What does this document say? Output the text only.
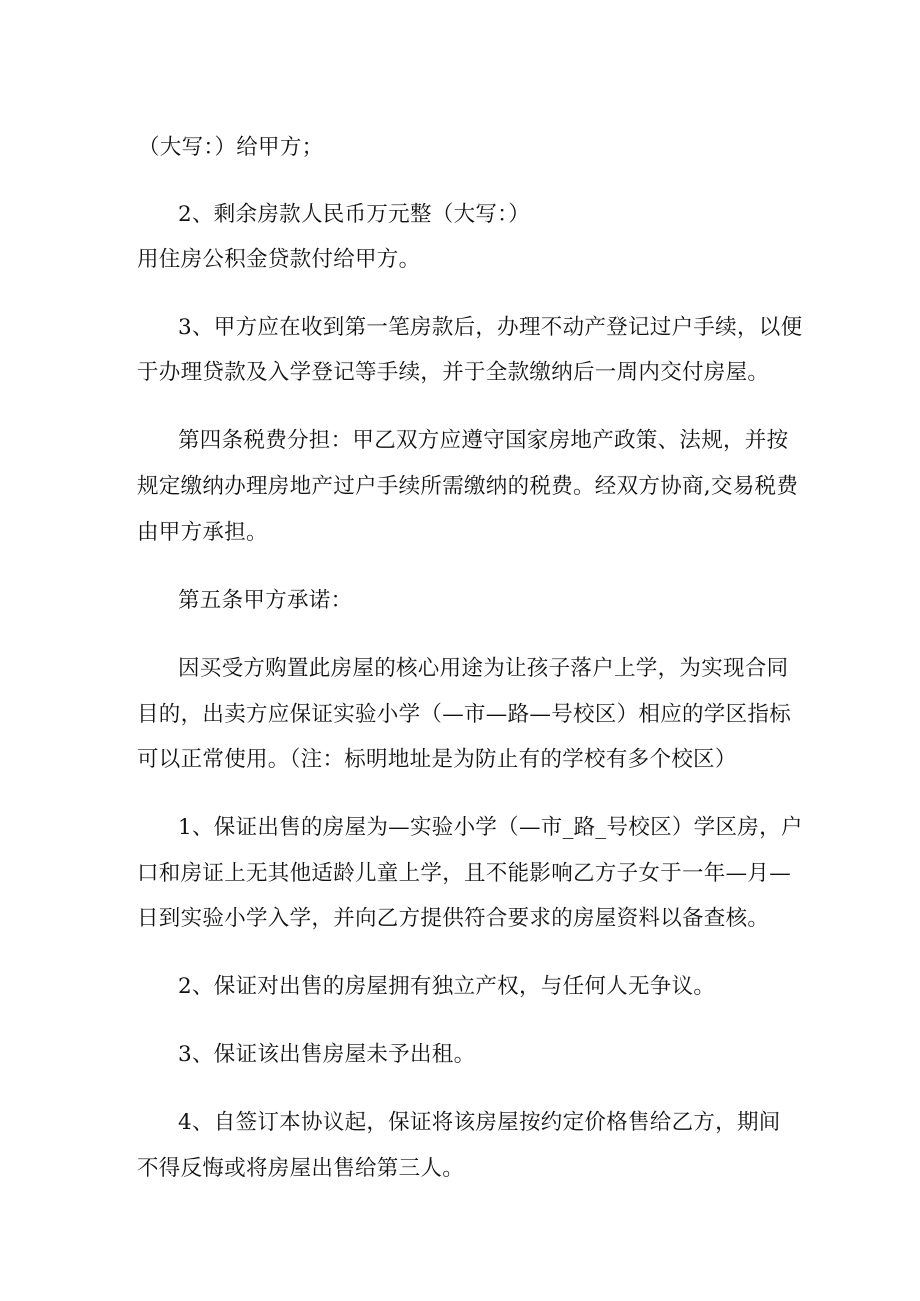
（大写：）给甲方；
2、剩余房款人民币万元整（大写：）
用住房公积金贷款付给甲方。
3、甲方应在收到第一笔房款后，办理不动产登记过户手续，以便
于办理贷款及入学登记等手续，并于全款缴纳后一周内交付房屋。
第四条税费分担：甲乙双方应遵守国家房地产政策、法规，并按
规定缴纳办理房地产过户手续所需缴纳的税费。经双方协商,交易税费
由甲方承担。
第五条甲方承诺：
因买受方购置此房屋的核心用途为让孩子落户上学，为实现合同
目的，出卖方应保证实验小学（—市—路—号校区）相应的学区指标
可以正常使用。（注：标明地址是为防止有的学校有多个校区）
1、保证出售的房屋为—实验小学（—市_路_号校区）学区房，户
口和房证上无其他适龄儿童上学，且不能影响乙方子女于一年—月—
日到实验小学入学，并向乙方提供符合要求的房屋资料以备查核。
2、保证对出售的房屋拥有独立产权，与任何人无争议。
3、保证该出售房屋未予出租。
4、自签订本协议起，保证将该房屋按约定价格售给乙方，期间
不得反悔或将房屋出售给第三人。
